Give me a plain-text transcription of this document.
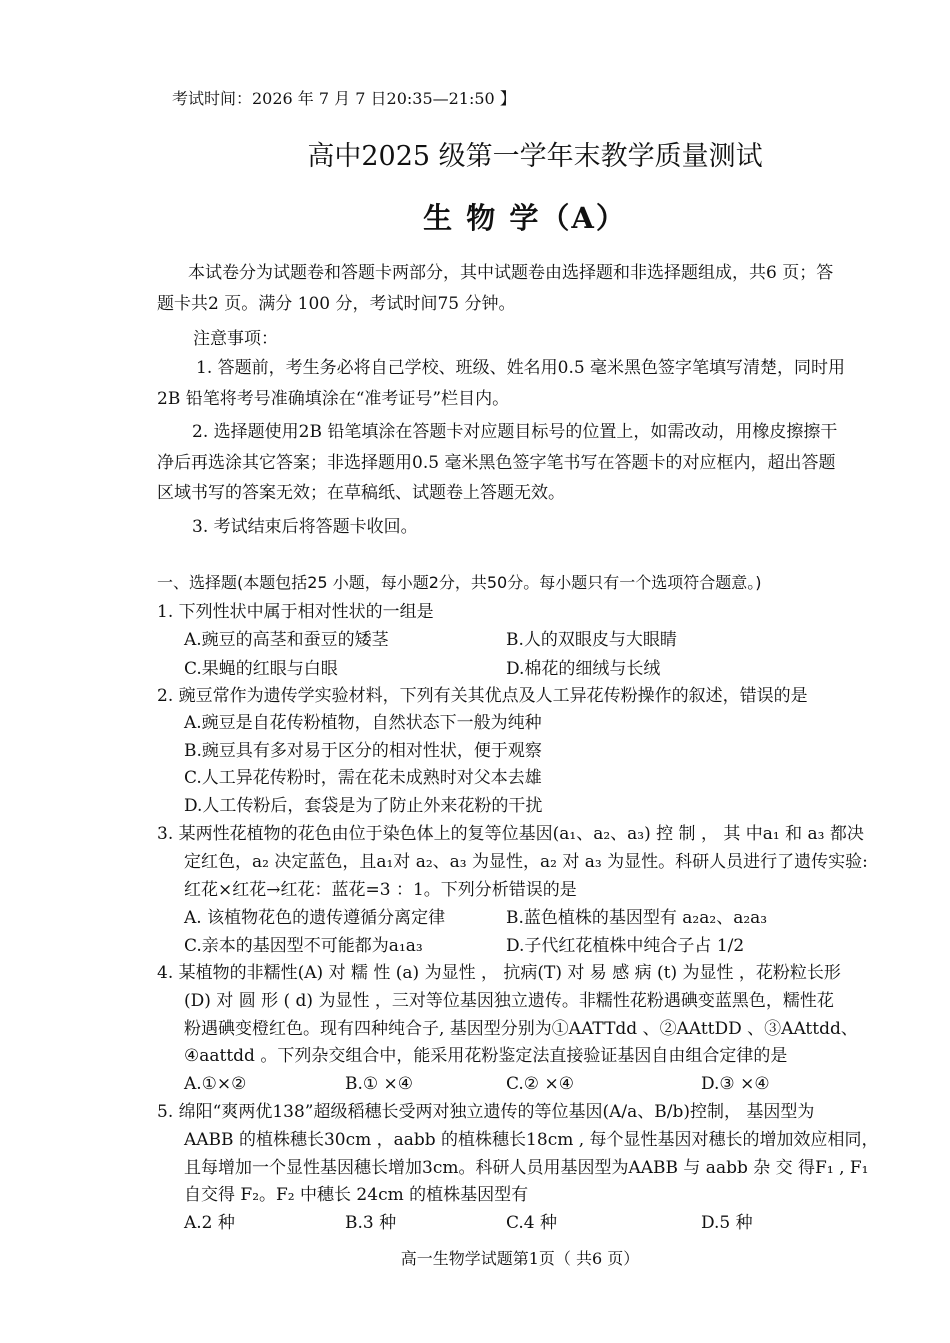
考试时间：2026 年 7 月 7 日20:35—21:50 】
高中2025 级第一学年末教学质量测试
生 物 学（A）
本试卷分为试题卷和答题卡两部分，其中试题卷由选择题和非选择题组成，共6 页；答
题卡共2 页。满分 100 分，考试时间75 分钟。
注意事项：
1. 答题前，考生务必将自己学校、班级、姓名用0.5 毫米黑色签字笔填写清楚，同时用
2B 铅笔将考号准确填涂在“准考证号”栏目内。
2. 选择题使用2B 铅笔填涂在答题卡对应题目标号的位置上，如需改动，用橡皮擦擦干
净后再选涂其它答案；非选择题用0.5 毫米黑色签字笔书写在答题卡的对应框内，超出答题
区域书写的答案无效；在草稿纸、试题卷上答题无效。
3. 考试结束后将答题卡收回。
一、选择题(本题包括25 小题，每小题2分，共50分。每小题只有一个选项符合题意。)
1. 下列性状中属于相对性状的一组是
A.豌豆的高茎和蚕豆的矮茎	B.人的双眼皮与大眼睛
C.果蝇的红眼与白眼	D.棉花的细绒与长绒
2. 豌豆常作为遗传学实验材料，下列有关其优点及人工异花传粉操作的叙述，错误的是
A.豌豆是自花传粉植物，自然状态下一般为纯种
B.豌豆具有多对易于区分的相对性状，便于观察
C.人工异花传粉时，需在花未成熟时对父本去雄
D.人工传粉后，套袋是为了防止外来花粉的干扰
3. 某两性花植物的花色由位于染色体上的复等位基因(a₁、a₂、a₃) 控 制 ， 其 中a₁ 和 a₃ 都决
定红色，a₂ 决定蓝色，且a₁对 a₂、a₃ 为显性，a₂ 对 a₃ 为显性。科研人员进行了遗传实验:
红花×红花→红花：蓝花=3 ：1。下列分析错误的是
A. 该植物花色的遗传遵循分离定律	B.蓝色植株的基因型有 a₂a₂、a₂a₃
C.亲本的基因型不可能都为a₁a₃	D.子代红花植株中纯合子占 1/2
4. 某植物的非糯性(A) 对 糯 性 (a) 为显性 ， 抗病(T) 对 易 感 病 (t) 为显性 ，花粉粒长形
(D) 对 圆 形 ( d) 为显性 ，三对等位基因独立遗传。非糯性花粉遇碘变蓝黑色，糯性花
粉遇碘变橙红色。现有四种纯合子, 基因型分别为①AATTdd 、②AAttDD 、③AAttdd、
④aattdd 。下列杂交组合中，能采用花粉鉴定法直接验证基因自由组合定律的是
A.①×②	B.① ×④	C.② ×④	D.③ ×④
5. 绵阳“爽两优138”超级稻穗长受两对独立遗传的等位基因(A/a、B/b)控制， 基因型为
AABB 的植株穗长30cm ，aabb 的植株穗长18cm , 每个显性基因对穗长的增加效应相同，
且每增加一个显性基因穗长增加3cm。科研人员用基因型为AABB 与 aabb 杂 交 得F₁ , F₁
自交得 F₂。F₂ 中穗长 24cm 的植株基因型有
A.2 种	B.3 种	C.4 种	D.5 种
高一生物学试题第1页（ 共6 页）
